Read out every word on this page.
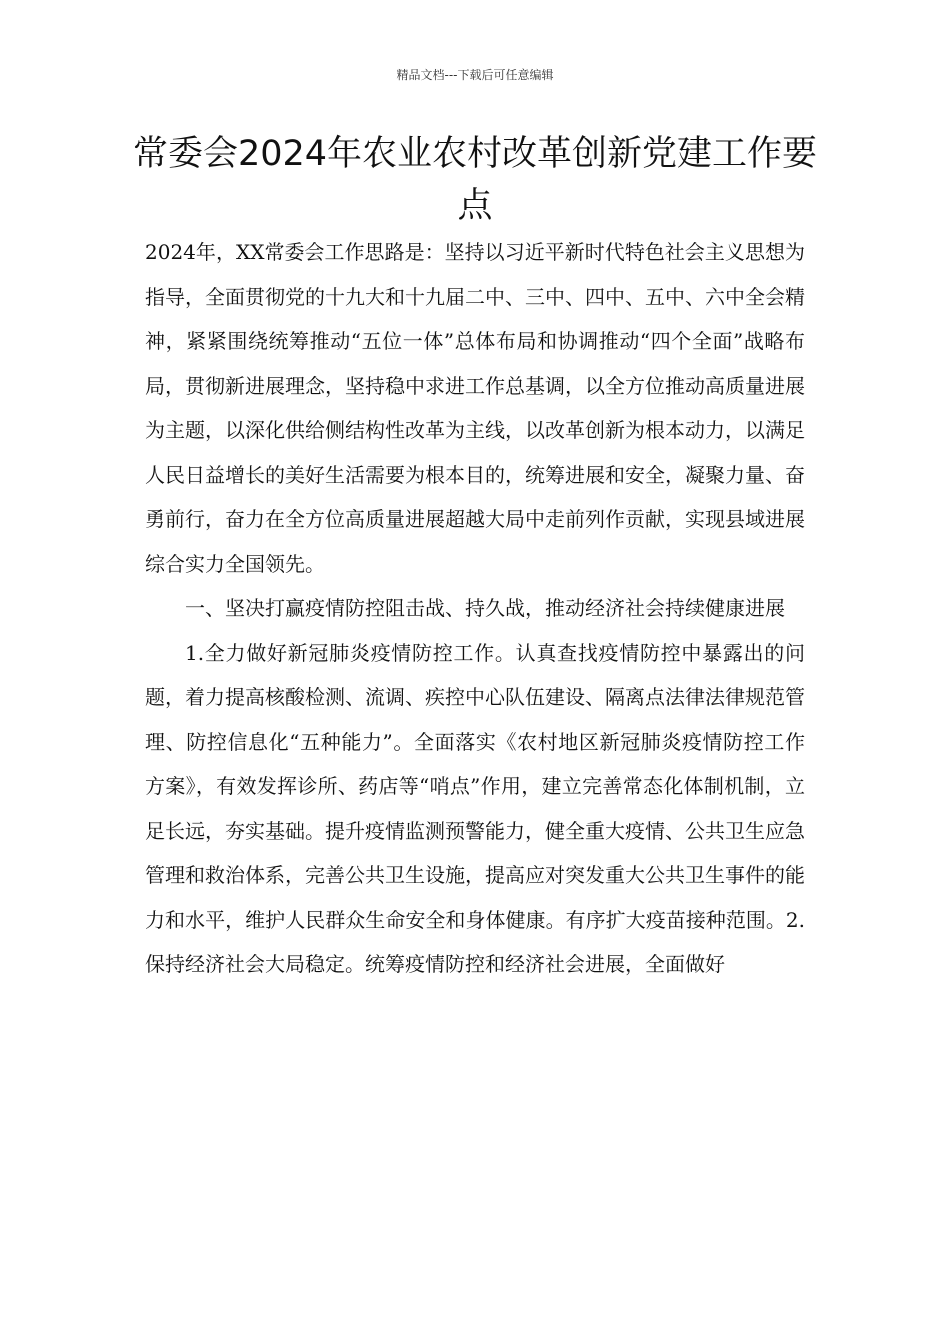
精品文档---下载后可任意编辑
常委会2024年农业农村改革创新党建工作要点

2024年，XX常委会工作思路是：坚持以习近平新时代特色社会主义思想为指导，全面贯彻党的十九大和十九届二中、三中、四中、五中、六中全会精神，紧紧围绕统筹推动“五位一体”总体布局和协调推动“四个全面”战略布局，贯彻新进展理念，坚持稳中求进工作总基调，以全方位推动高质量进展为主题，以深化供给侧结构性改革为主线，以改革创新为根本动力，以满足人民日益增长的美好生活需要为根本目的，统筹进展和安全，凝聚力量、奋勇前行，奋力在全方位高质量进展超越大局中走前列作贡献，实现县域进展综合实力全国领先。

一、坚决打赢疫情防控阻击战、持久战，推动经济社会持续健康进展

1.全力做好新冠肺炎疫情防控工作。认真查找疫情防控中暴露出的问题，着力提高核酸检测、流调、疾控中心队伍建设、隔离点法律法律规范管理、防控信息化“五种能力”。全面落实《农村地区新冠肺炎疫情防控工作方案》，有效发挥诊所、药店等“哨点”作用，建立完善常态化体制机制，立足长远，夯实基础。提升疫情监测预警能力，健全重大疫情、公共卫生应急管理和救治体系，完善公共卫生设施，提高应对突发重大公共卫生事件的能力和水平，维护人民群众生命安全和身体健康。有序扩大疫苗接种范围。2.保持经济社会大局稳定。统筹疫情防控和经济社会进展，全面做好
